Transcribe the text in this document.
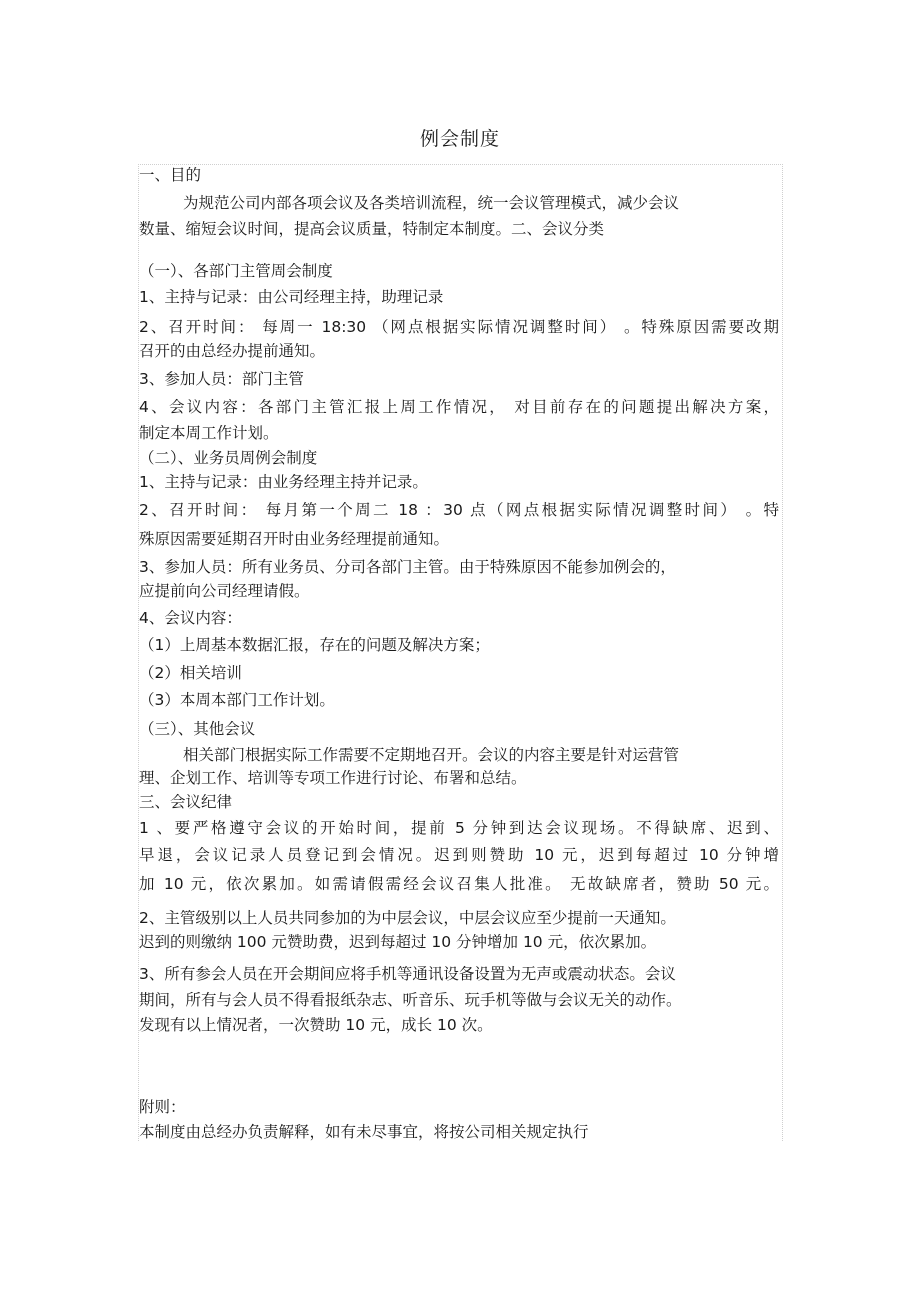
例会制度
一、目的
为规范公司内部各项会议及各类培训流程，统一会议管理模式，减少会议
数量、缩短会议时间，提高会议质量，特制定本制度。二、会议分类
（一）、各部门主管周会制度
1、主持与记录：由公司经理主持，助理记录
2、召开时间： 每周一 18:30 （网点根据实际情况调整时间） 。特殊原因需要改期
召开的由总经办提前通知。
3、参加人员：部门主管
4、会议内容：各部门主管汇报上周工作情况， 对目前存在的问题提出解决方案，
制定本周工作计划。
（二）、业务员周例会制度
1、主持与记录：由业务经理主持并记录。
2、召开时间： 每月第一个周二 18 ：30 点（网点根据实际情况调整时间） 。特
殊原因需要延期召开时由业务经理提前通知。
3、参加人员：所有业务员、分司各部门主管。由于特殊原因不能参加例会的，
应提前向公司经理请假。
4、会议内容：
（1）上周基本数据汇报，存在的问题及解决方案；
（2）相关培训
（3）本周本部门工作计划。
（三）、其他会议
相关部门根据实际工作需要不定期地召开。会议的内容主要是针对运营管
理、企划工作、培训等专项工作进行讨论、布署和总结。
三、会议纪律
1 、要严格遵守会议的开始时间，提前 5 分钟到达会议现场。不得缺席、迟到、
早退，会议记录人员登记到会情况。迟到则赞助 10 元，迟到每超过 10 分钟增
加 10 元，依次累加。如需请假需经会议召集人批准。 无故缺席者，赞助 50 元。
2、主管级别以上人员共同参加的为中层会议，中层会议应至少提前一天通知。
迟到的则缴纳 100 元赞助费，迟到每超过 10 分钟增加 10 元，依次累加。
3、所有参会人员在开会期间应将手机等通讯设备设置为无声或震动状态。会议
期间，所有与会人员不得看报纸杂志、听音乐、玩手机等做与会议无关的动作。
发现有以上情况者，一次赞助 10 元，成长 10 次。
附则：
本制度由总经办负责解释，如有未尽事宜，将按公司相关规定执行
